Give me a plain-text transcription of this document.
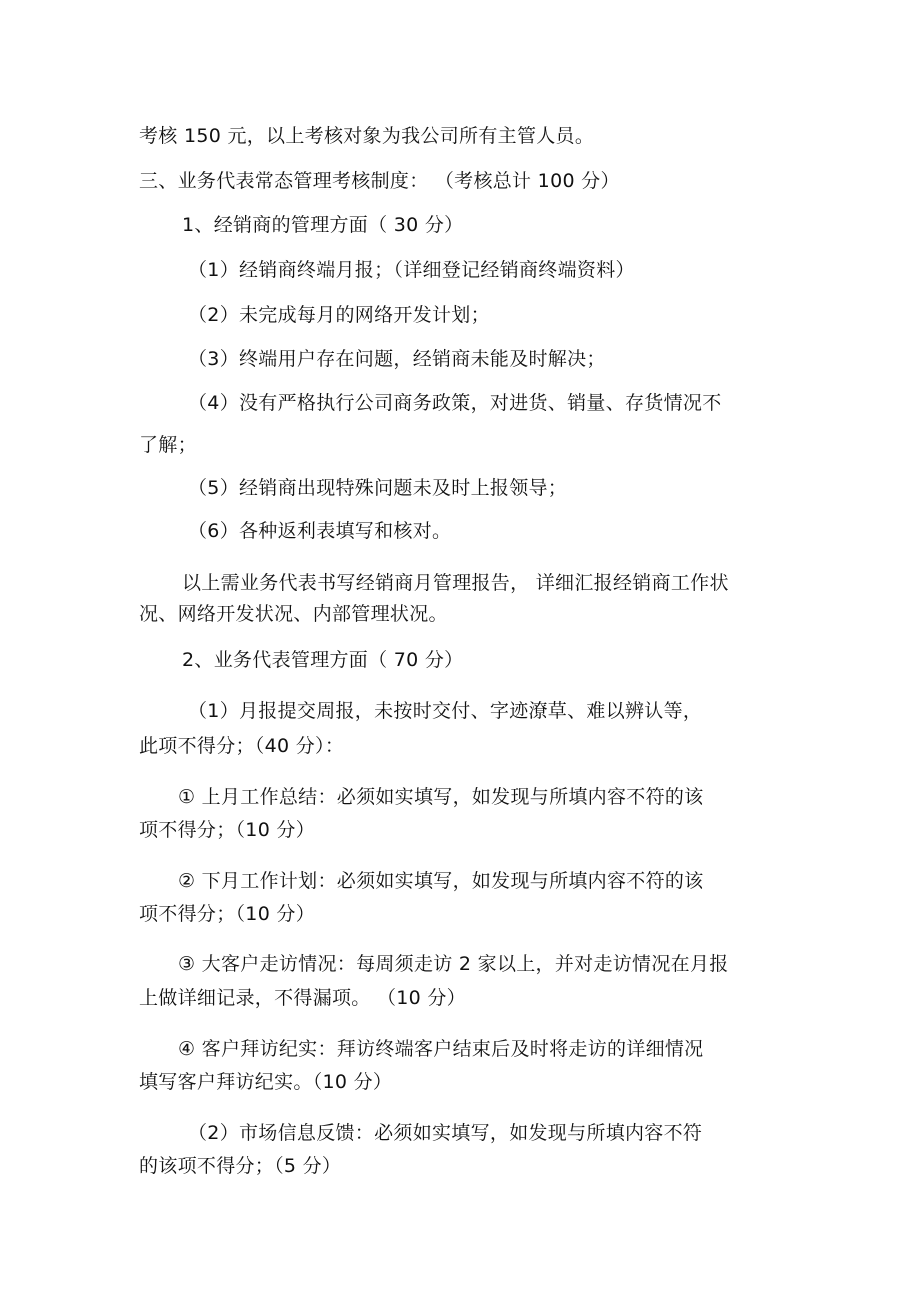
考核 150 元，以上考核对象为我公司所有主管人员。
三、业务代表常态管理考核制度： （考核总计 100 分）
1、经销商的管理方面（ 30 分）
（1）经销商终端月报；（详细登记经销商终端资料）
（2）未完成每月的网络开发计划；
（3）终端用户存在问题，经销商未能及时解决；
（4）没有严格执行公司商务政策，对进货、销量、存货情况不
了解；
（5）经销商出现特殊问题未及时上报领导；
（6）各种返利表填写和核对。
以上需业务代表书写经销商月管理报告， 详细汇报经销商工作状
况、网络开发状况、内部管理状况。
2、业务代表管理方面（ 70 分）
（1）月报提交周报，未按时交付、字迹潦草、难以辨认等，
此项不得分；（40 分）：
① 上月工作总结：必须如实填写，如发现与所填内容不符的该
项不得分；（10 分）
② 下月工作计划：必须如实填写，如发现与所填内容不符的该
项不得分；（10 分）
③ 大客户走访情况：每周须走访 2 家以上，并对走访情况在月报
上做详细记录，不得漏项。 （10 分）
④ 客户拜访纪实：拜访终端客户结束后及时将走访的详细情况
填写客户拜访纪实。（10 分）
（2）市场信息反馈：必须如实填写，如发现与所填内容不符
的该项不得分；（5 分）
